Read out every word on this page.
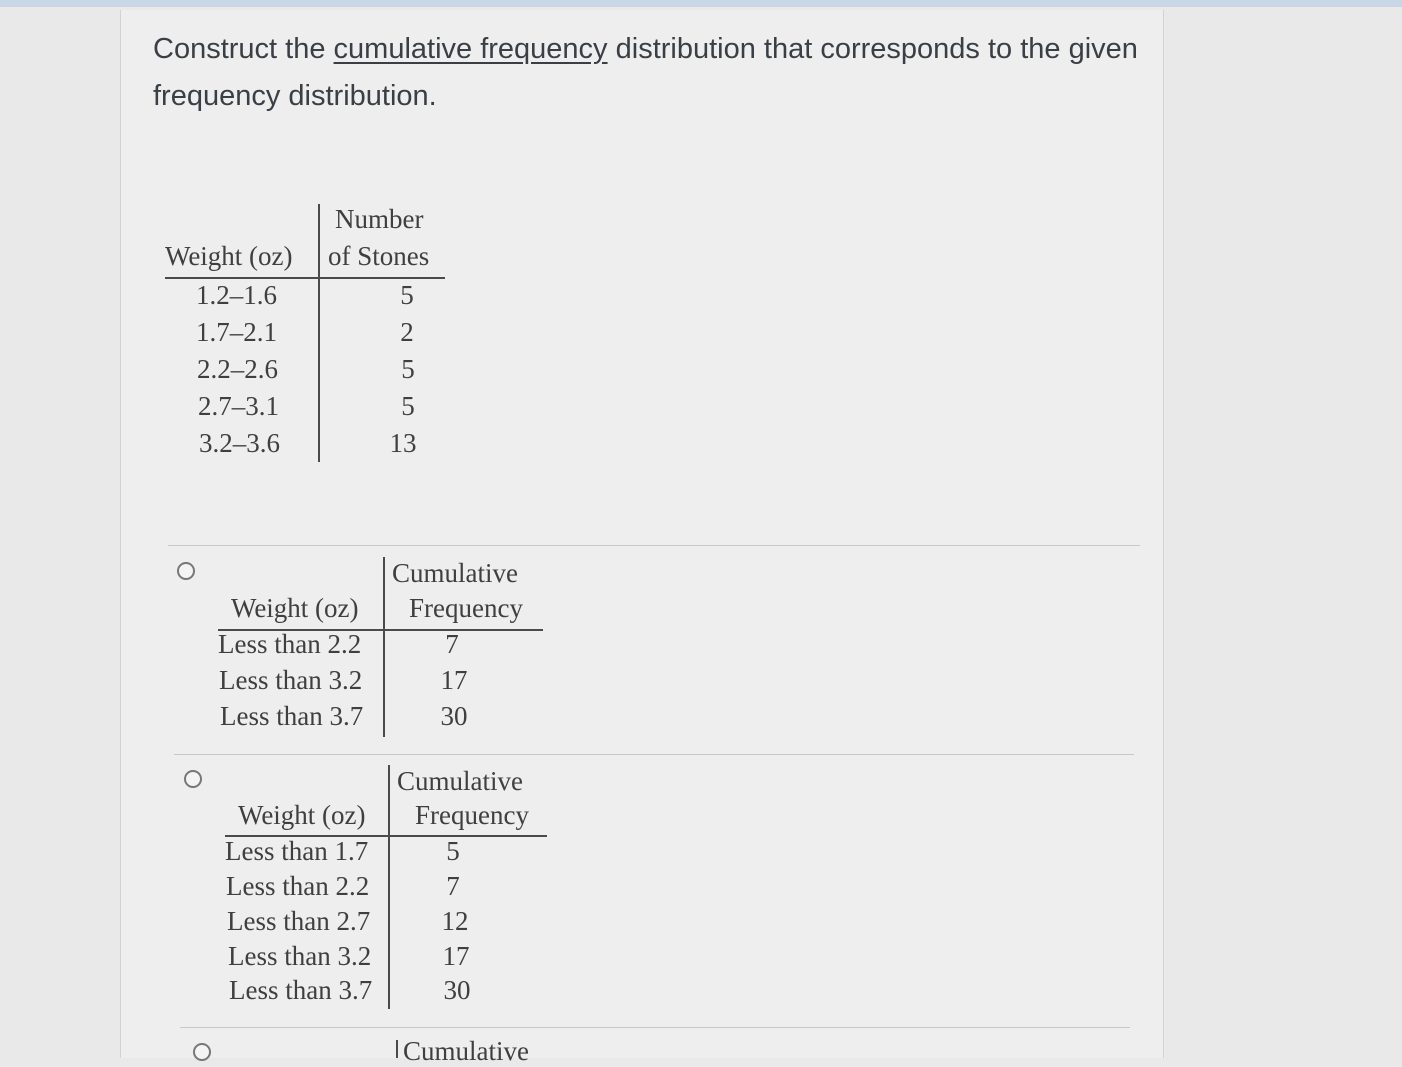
Construct the cumulative frequency distribution that corresponds to the given frequency distribution.
Number
Weight (oz) of Stones
1.2–1.6	5
1.7–2.1	2
2.2–2.6	5
2.7–3.1	5
3.2–3.6	13
Cumulative
Weight (oz) Frequency
Less than 2.2	7
Less than 3.2	17
Less than 3.7	30
Cumulative
Weight (oz) Frequency
Less than 1.7	5
Less than 2.2	7
Less than 2.7	12
Less than 3.2	17
Less than 3.7	30
Cumulative
